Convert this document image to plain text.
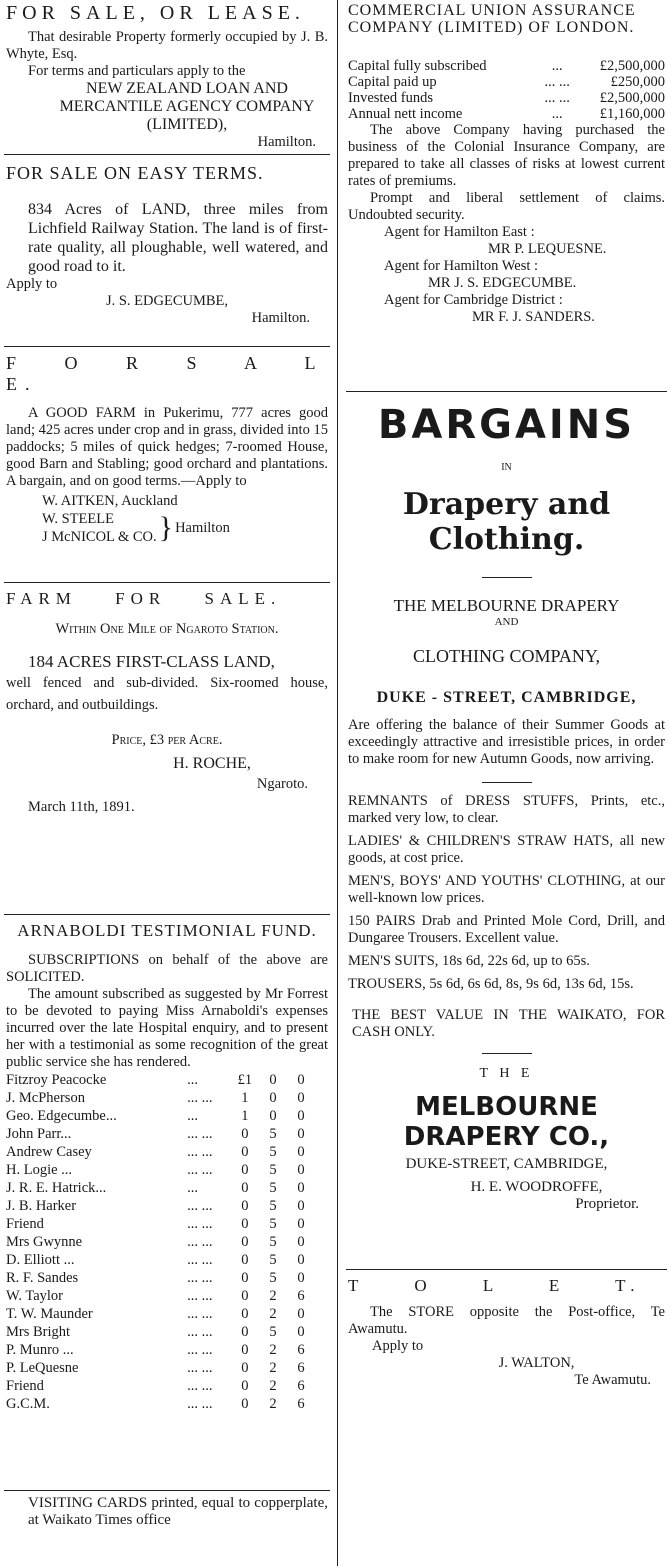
FOR SALE, OR LEASE.

That desirable Property formerly occupied by J. B. Whyte, Esq.

For terms and particulars apply to the

NEW ZEALAND LOAN AND MERCANTILE AGENCY COMPANY (LIMITED),

Hamilton.

FOR SALE ON EASY TERMS.

834 Acres of LAND, three miles from Lichfield Railway Station. The land is of first-rate quality, all ploughable, well watered, and good road to it.

Apply to

J. S. EDGECUMBE,

Hamilton.

F O R S A L E.

A GOOD FARM in Pukerimu, 777 acres good land; 425 acres under crop and in grass, divided into 15 paddocks; 5 miles of quick hedges; 7-roomed House, good Barn and Stabling; good orchard and plantations. A bargain, and on good terms.—Apply to

W. AITKEN, Auckland
W. STEELE
J McNICOL & CO. } Hamilton
FARM FOR SALE.

Within One Mile of Ngaroto Station.

184 ACRES FIRST-CLASS LAND,

well fenced and sub-divided. Six-roomed house, orchard, and outbuildings.

Price, £3 per Acre.

H. ROCHE,

Ngaroto.

March 11th, 1891.

ARNABOLDI TESTIMONIAL FUND.

SUBSCRIPTIONS on behalf of the above are SOLICITED.

The amount subscribed as suggested by Mr Forrest to be devoted to paying Miss Arnaboldi's expenses incurred over the late Hospital enquiry, and to present her with a testimonial as some recognition of the great public service she has rendered.

Fitzroy Peacocke	...	£1	0	0
J. McPherson	... ...	1	0	0
Geo. Edgecumbe...	...	1	0	0
John Parr...	... ...	0	5	0
Andrew Casey	... ...	0	5	0
H. Logie ...	... ...	0	5	0
J. R. E. Hatrick...	...	0	5	0
J. B. Harker	... ...	0	5	0
Friend	... ...	0	5	0
Mrs Gwynne	... ...	0	5	0
D. Elliott ...	... ...	0	5	0
R. F. Sandes	... ...	0	5	0
W. Taylor	... ...	0	2	6
T. W. Maunder	... ...	0	2	0
Mrs Bright	... ...	0	5	0
P. Munro ...	... ...	0	2	6
P. LeQuesne	... ...	0	2	6
Friend	... ...	0	2	6
G.C.M.	... ...	0	2	6

VISITING CARDS printed, equal to copperplate, at Waikato Times office

COMMERCIAL UNION ASSURANCE COMPANY (LIMITED) OF LONDON.
Capital fully subscribed	...	£2,500,000
Capital paid up	... ...	£250,000
Invested funds	... ...	£2,500,000
Annual nett income	...	£1,160,000

The above Company having purchased the business of the Colonial Insurance Company, are prepared to take all classes of risks at lowest current rates of premiums.

Prompt and liberal settlement of claims. Undoubted security.

Agent for Hamilton East :
MR P. LEQUESNE.
Agent for Hamilton West :
MR J. S. EDGECUMBE.
Agent for Cambridge District :
MR F. J. SANDERS.
BARGAINS
IN
Drapery and Clothing.
THE MELBOURNE DRAPERY
AND
CLOTHING COMPANY,
DUKE - STREET, CAMBRIDGE,

Are offering the balance of their Summer Goods at exceedingly attractive and irresistible prices, in order to make room for new Autumn Goods, now arriving.

REMNANTS of DRESS STUFFS, Prints, etc., marked very low, to clear.

LADIES' & CHILDREN'S STRAW HATS, all new goods, at cost price.

MEN'S, BOYS' AND YOUTHS' CLOTHING, at our well-known low prices.

150 PAIRS Drab and Printed Mole Cord, Drill, and Dungaree Trousers. Excellent value.

MEN'S SUITS, 18s 6d, 22s 6d, up to 65s.

TROUSERS, 5s 6d, 6s 6d, 8s, 9s 6d, 13s 6d, 15s.

THE BEST VALUE IN THE WAIKATO, FOR CASH ONLY.

T H E
MELBOURNE DRAPERY CO.,
DUKE-STREET, CAMBRIDGE,
H. E. WOODROFFE,
Proprietor.
T O L E T.

The STORE opposite the Post-office, Te Awamutu.

Apply to

J. WALTON,

Te Awamutu.
